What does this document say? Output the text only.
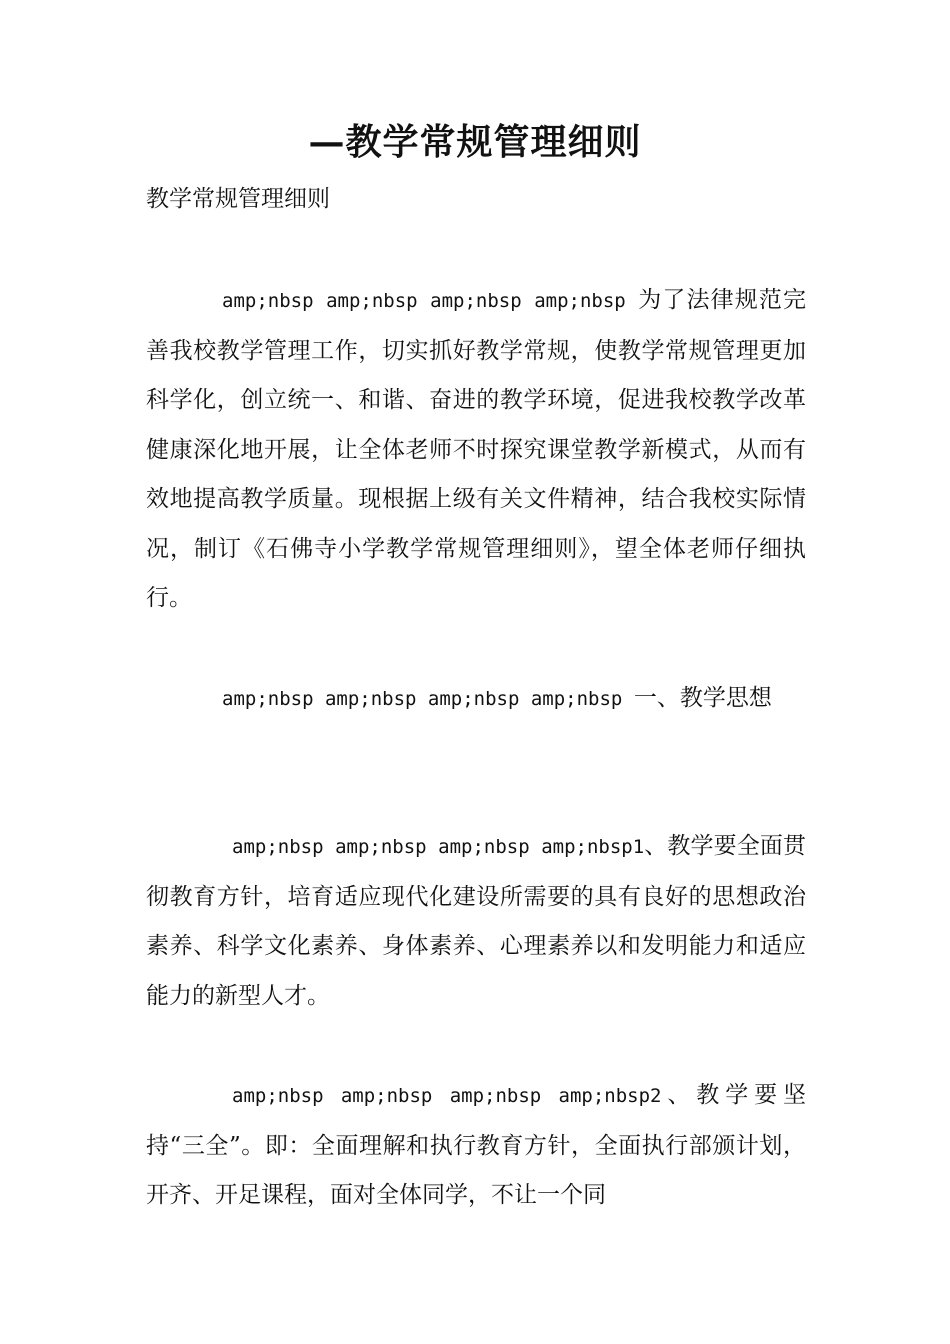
—教学常规管理细则
教学常规管理细则
amp;nbsp amp;nbsp amp;nbsp amp;nbsp 为了法律规范完善我校教学管理工作，切实抓好教学常规，使教学常规管理更加科学化，创立统一、和谐、奋进的教学环境，促进我校教学改革健康深化地开展，让全体老师不时探究课堂教学新模式，从而有效地提高教学质量。现根据上级有关文件精神，结合我校实际情况，制订《石佛寺小学教学常规管理细则》，望全体老师仔细执行。
amp;nbsp amp;nbsp amp;nbsp amp;nbsp 一、教学思想
amp;nbsp amp;nbsp amp;nbsp amp;nbsp1、教学要全面贯彻教育方针，培育适应现代化建设所需要的具有良好的思想政治素养、科学文化素养、身体素养、心理素养以和发明能力和适应能力的新型人才。
amp;nbsp amp;nbsp amp;nbsp amp;nbsp2、教学要坚持“三全”。即：全面理解和执行教育方针，全面执行部颁计划，开齐、开足课程，面对全体同学，不让一个同
